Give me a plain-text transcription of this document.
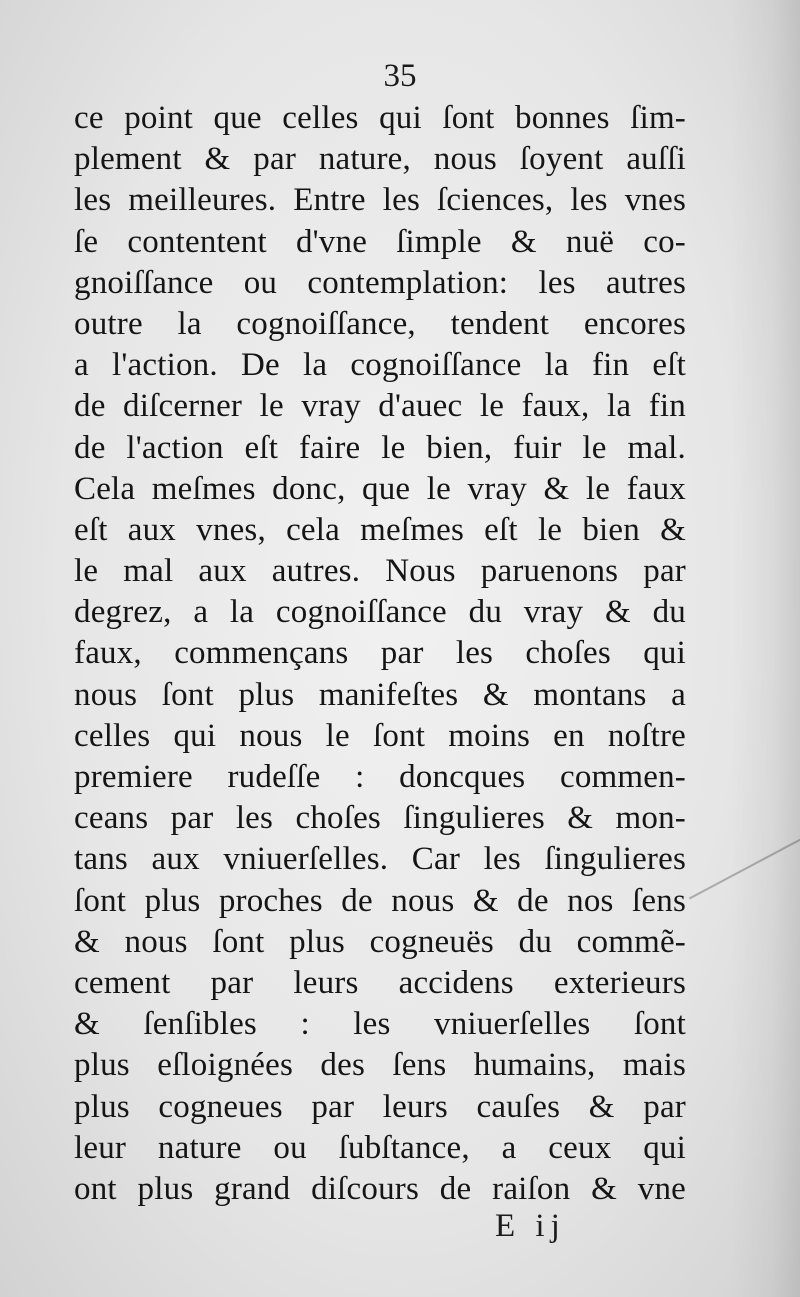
35
ce point que celles qui ſont bonnes ſim-
plement & par nature, nous ſoyent auſſi
les meilleures. Entre les ſciences, les vnes
ſe contentent d'vne ſimple & nuë co-
gnoiſſance ou contemplation: les autres
outre la cognoiſſance, tendent encores
a l'action. De la cognoiſſance la fin eſt
de diſcerner le vray d'auec le faux, la fin
de l'action eſt faire le bien, fuir le mal.
Cela meſmes donc, que le vray & le faux
eſt aux vnes, cela meſmes eſt le bien &
le mal aux autres. Nous paruenons par
degrez, a la cognoiſſance du vray & du
faux, commençans par les choſes qui
nous ſont plus manifeſtes & montans a
celles qui nous le ſont moins en noſtre
premiere rudeſſe : doncques commen-
ceans par les choſes ſingulieres & mon-
tans aux vniuerſelles. Car les ſingulieres
ſont plus proches de nous & de nos ſens
& nous ſont plus cogneuës du commẽ-
cement par leurs accidens exterieurs
& ſenſibles : les vniuerſelles ſont
plus eſloignées des ſens humains, mais
plus cogneues par leurs cauſes & par
leur nature ou ſubſtance, a ceux qui
ont plus grand diſcours de raiſon & vne
E ij
